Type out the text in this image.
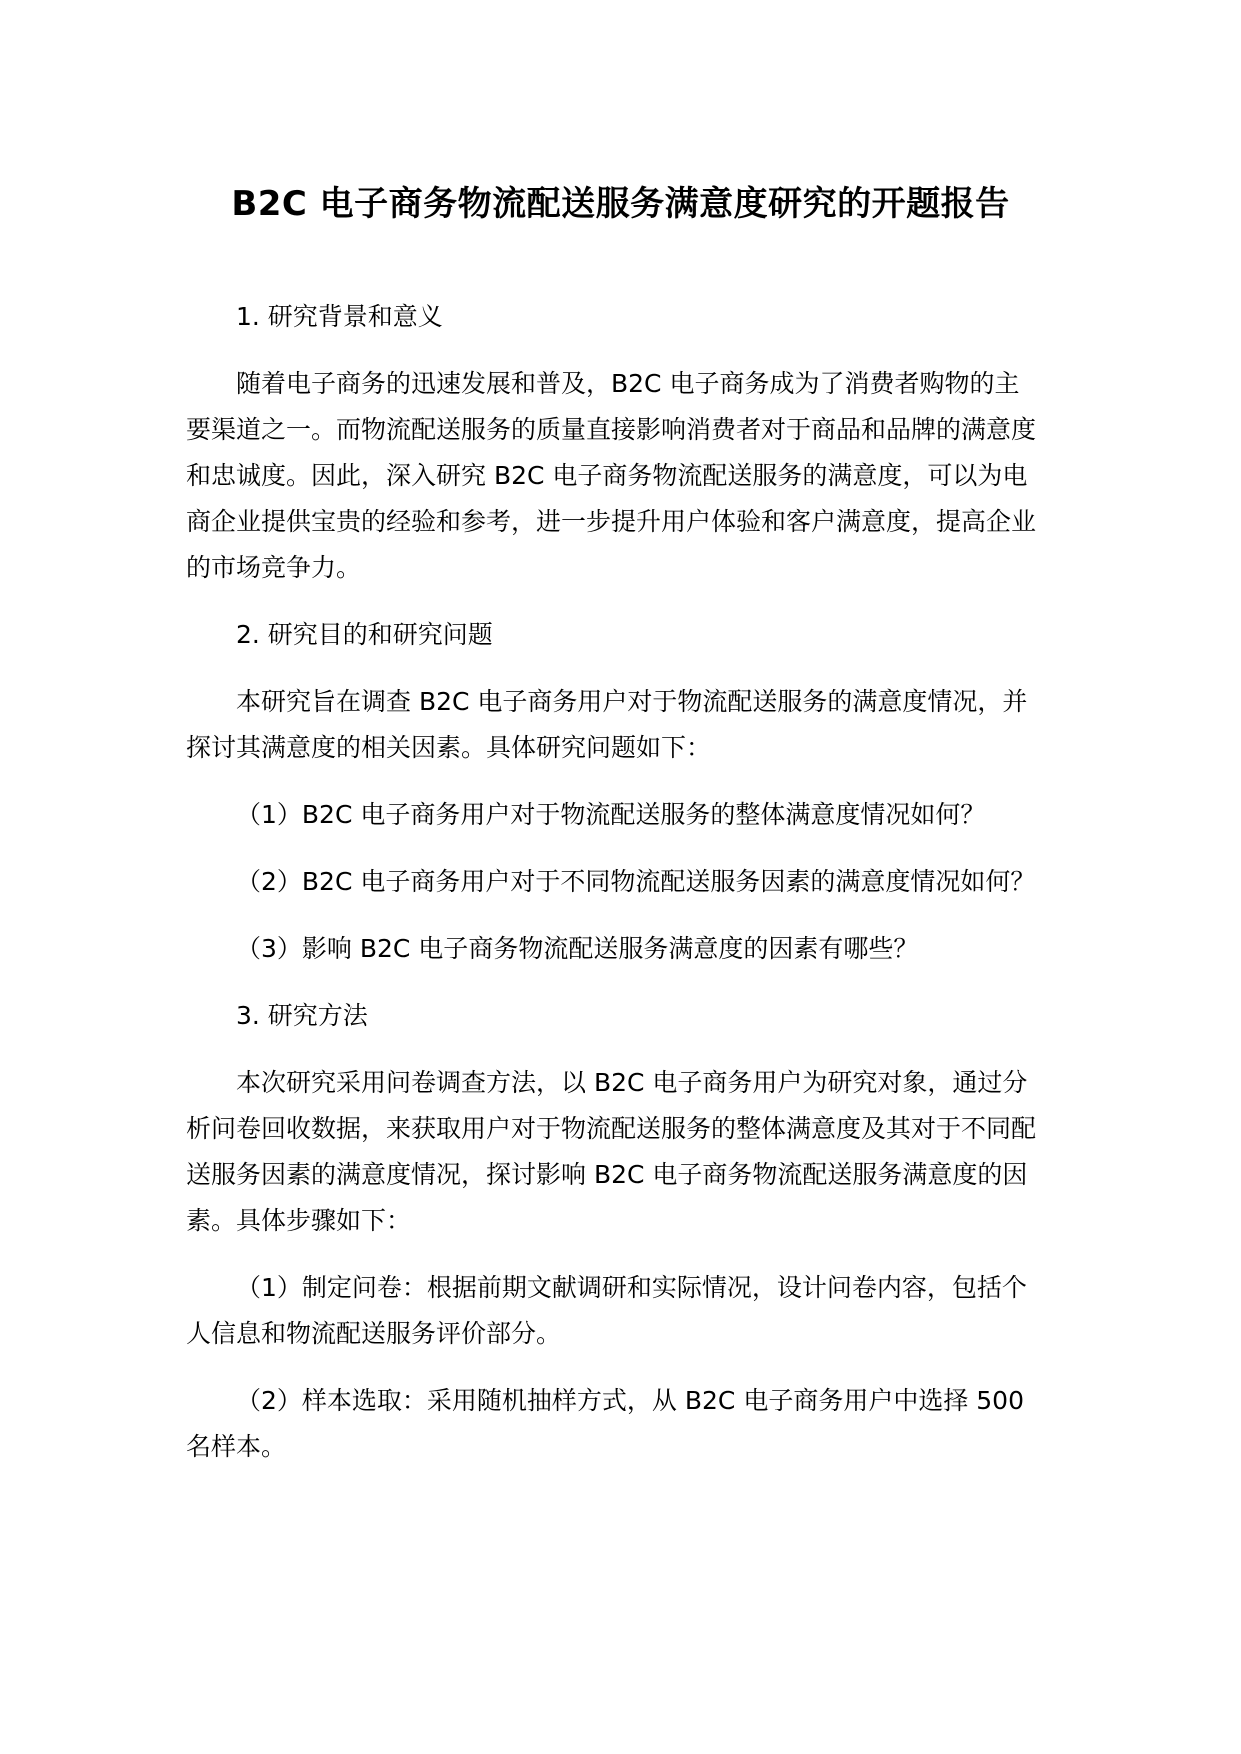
B2C 电子商务物流配送服务满意度研究的开题报告

1. 研究背景和意义

随着电子商务的迅速发展和普及，B2C 电子商务成为了消费者购物的主要渠道之一。而物流配送服务的质量直接影响消费者对于商品和品牌的满意度和忠诚度。因此，深入研究 B2C 电子商务物流配送服务的满意度，可以为电商企业提供宝贵的经验和参考，进一步提升用户体验和客户满意度，提高企业的市场竞争力。

2. 研究目的和研究问题

本研究旨在调查 B2C 电子商务用户对于物流配送服务的满意度情况，并探讨其满意度的相关因素。具体研究问题如下：

（1）B2C 电子商务用户对于物流配送服务的整体满意度情况如何？

（2）B2C 电子商务用户对于不同物流配送服务因素的满意度情况如何？

（3）影响 B2C 电子商务物流配送服务满意度的因素有哪些？

3. 研究方法

本次研究采用问卷调查方法，以 B2C 电子商务用户为研究对象，通过分析问卷回收数据，来获取用户对于物流配送服务的整体满意度及其对于不同配送服务因素的满意度情况，探讨影响 B2C 电子商务物流配送服务满意度的因素。具体步骤如下：

（1）制定问卷：根据前期文献调研和实际情况，设计问卷内容，包括个人信息和物流配送服务评价部分。

（2）样本选取：采用随机抽样方式，从 B2C 电子商务用户中选择 500 名样本。
